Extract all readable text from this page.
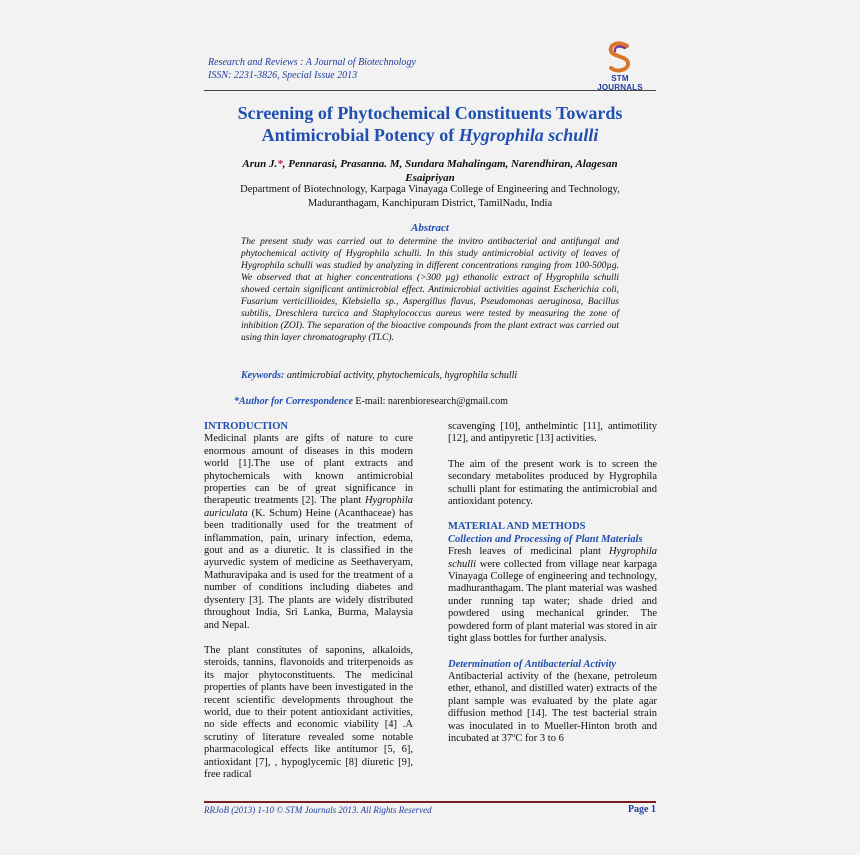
Research and Reviews : A Journal of Biotechnology
ISSN: 2231-3826, Special Issue 2013	STM JOURNALS
Screening of Phytochemical Constituents Towards
Antimicrobial Potency of Hygrophila schulli
Arun J.*, Pennarasi, Prasanna. M, Sundara Mahalingam, Narendhiran, Alagesan Esaipriyan
Department of Biotechnology, Karpaga Vinayaga College of Engineering and Technology,
Maduranthagam, Kanchipuram District, TamilNadu, India
Abstract
The present study was carried out to determine the invitro antibacterial and antifungal and phytochemical activity of Hygrophila schulli. In this study antimicrobial activity of leaves of Hygrophila schulli was studied by analyzing in different concentrations ranging from 100-500µg. We observed that at higher concentrations (>300 µg) ethanolic extract of Hygrophila schulli showed certain significant antimicrobial effect. Antimicrobial activities against Escherichia coli, Fusarium verticillioides, Klebsiella sp., Aspergillus flavus, Pseudomonas aeruginosa, Bacillus subtilis, Dreschlera turcica and Staphylococcus aureus were tested by measuring the zone of inhibition (ZOI). The separation of the bioactive compounds from the plant extract was carried out using thin layer chromatography (TLC).
Keywords: antimicrobial activity, phytochemicals, hygrophila schulli
*Author for Correspondence E-mail: narenbioresearch@gmail.com
INTRODUCTION

Medicinal plants are gifts of nature to cure enormous amount of diseases in this modern world [1].The use of plant extracts and phytochemicals with known antimicrobial properties can be of great significance in therapeutic treatments [2]. The plant Hygrophila auriculata (K. Schum) Heine (Acanthaceae) has been traditionally used for the treatment of inflammation, pain, urinary infection, edema, gout and as a diuretic. It is classified in the ayurvedic system of medicine as Seethaveryam, Mathuravipaka and is used for the treatment of a number of conditions including diabetes and dysentery [3]. The plants are widely distributed throughout India, Sri Lanka, Burma, Malaysia and Nepal.

The plant constitutes of saponins, alkaloids, steroids, tannins, flavonoids and triterpenoids as its major phytoconstituents. The medicinal properties of plants have been investigated in the recent scientific developments throughout the world, due to their potent antioxidant activities, no side effects and economic viability [4] .A scrutiny of literature revealed some notable pharmacological effects like antitumor [5, 6], antioxidant [7], , hypoglycemic [8] diuretic [9], free radical

scavenging [10], anthelmintic [11], antimotility [12], and antipyretic [13] activities.

The aim of the present work is to screen the secondary metabolites produced by Hygrophila schulli plant for estimating the antimicrobial and antioxidant potency.

MATERIAL AND METHODS
Collection and Processing of Plant Materials

Fresh leaves of medicinal plant Hygrophila schulli were collected from village near karpaga Vinayaga College of engineering and technology, madhuranthagam. The plant material was washed under running tap water; shade dried and powdered using mechanical grinder. The powdered form of plant material was stored in air tight glass bottles for further analysis.

Determination of Antibacterial Activity

Antibacterial activity of the (hexane, petroleum ether, ethanol, and distilled water) extracts of the plant sample was evaluated by the plate agar diffusion method [14]. The test bacterial strain was inoculated in to Mueller-Hinton broth and incubated at 37ºC for 3 to 6

RRJoB (2013) 1-10 © STM Journals 2013. All Rights Reserved	Page 1
